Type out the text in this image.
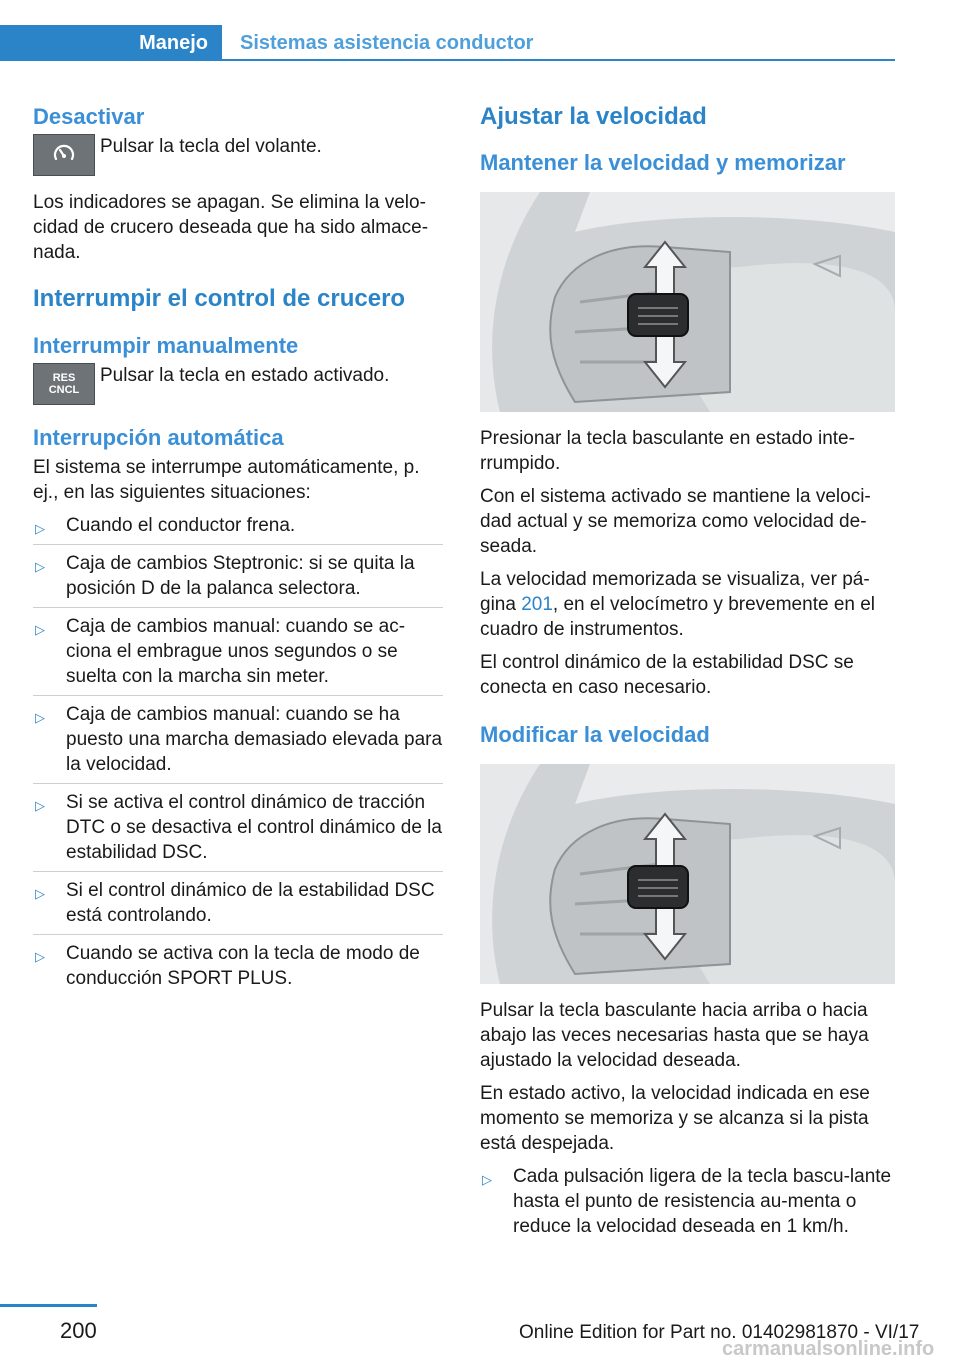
Manejo	Sistemas asistencia conductor
Desactivar

Pulsar la tecla del volante.

Los indicadores se apagan. Se elimina la velo-cidad de crucero deseada que ha sido almace-nada.

Interrumpir el control de crucero
Interrumpir manualmente
RES
CNCL

Pulsar la tecla en estado activado.

Interrupción automática

El sistema se interrumpe automáticamente, p. ej., en las siguientes situaciones:

▷ Cuando el conductor frena.
▷ Caja de cambios Steptronic: si se quita la posición D de la palanca selectora.
▷ Caja de cambios manual: cuando se ac-ciona el embrague unos segundos o se suelta con la marcha sin meter.
▷ Caja de cambios manual: cuando se ha puesto una marcha demasiado elevada para la velocidad.
▷ Si se activa el control dinámico de tracción DTC o se desactiva el control dinámico de la estabilidad DSC.
▷ Si el control dinámico de la estabilidad DSC está controlando.
▷ Cuando se activa con la tecla de modo de conducción SPORT PLUS.
Ajustar la velocidad
Mantener la velocidad y memorizar

Presionar la tecla basculante en estado inte-rrumpido.

Con el sistema activado se mantiene la veloci-dad actual y se memoriza como velocidad de-seada.

La velocidad memorizada se visualiza, ver pá-gina 201, en el velocímetro y brevemente en el cuadro de instrumentos.

El control dinámico de la estabilidad DSC se conecta en caso necesario.

Modificar la velocidad

Pulsar la tecla basculante hacia arriba o hacia abajo las veces necesarias hasta que se haya ajustado la velocidad deseada.

En estado activo, la velocidad indicada en ese momento se memoriza y se alcanza si la pista está despejada.

▷ Cada pulsación ligera de la tecla bascu-lante hasta el punto de resistencia au-menta o reduce la velocidad deseada en 1 km/h.
200	Online Edition for Part no. 01402981870 - VI/17
carmanualsonline.info
